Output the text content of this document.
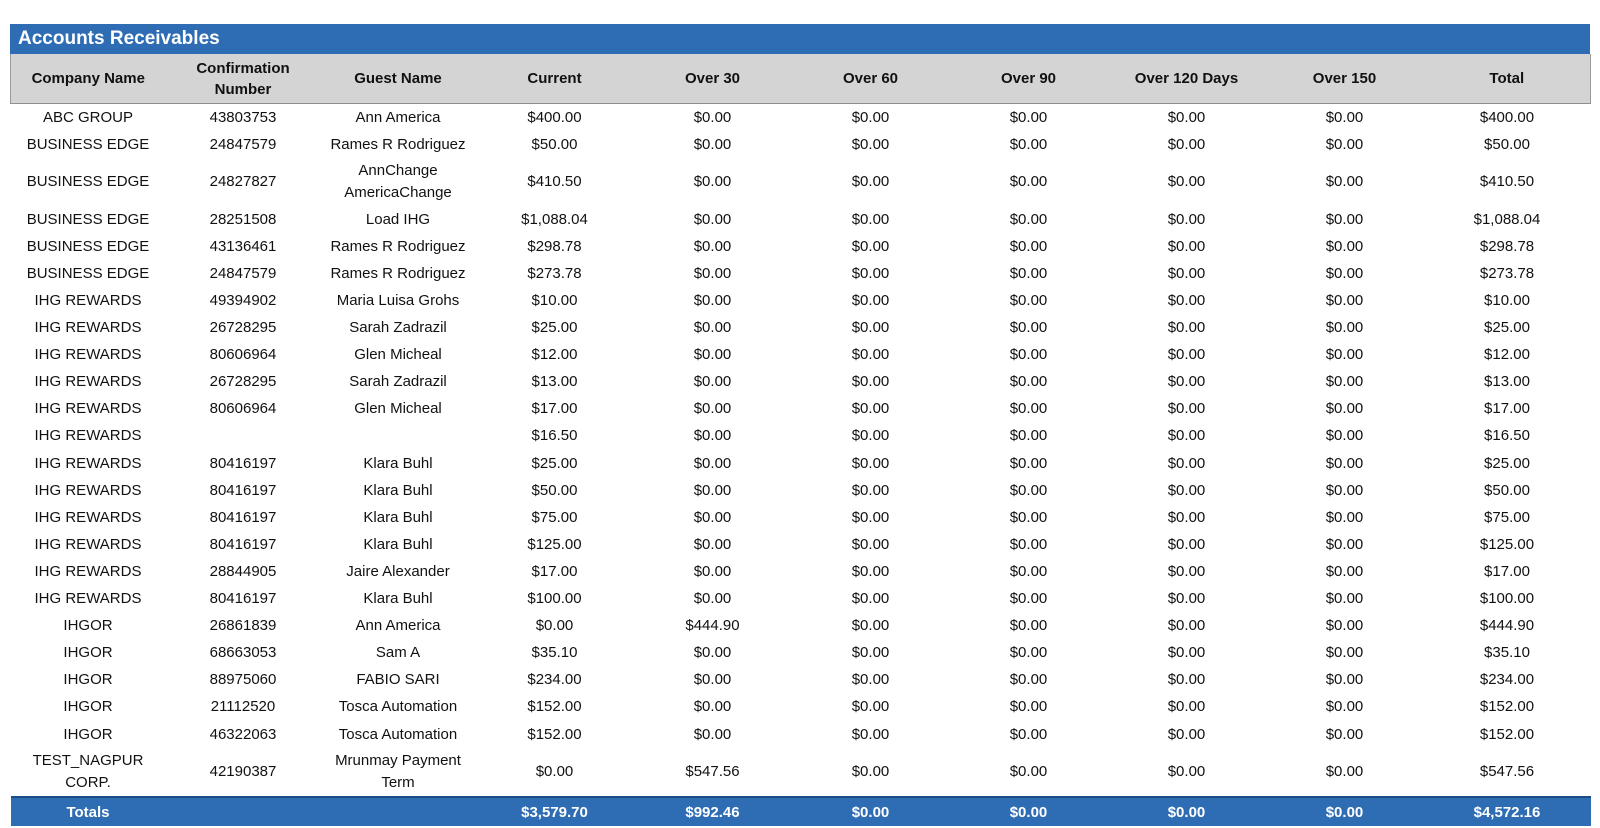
Accounts Receivables
Company Name	Confirmation Number	Guest Name	Current	Over 30	Over 60	Over 90	Over 120 Days	Over 150	Total
ABC GROUP	43803753	Ann America	$400.00	$0.00	$0.00	$0.00	$0.00	$0.00	$400.00
BUSINESS EDGE	24847579	Rames R Rodriguez	$50.00	$0.00	$0.00	$0.00	$0.00	$0.00	$50.00
BUSINESS EDGE	24827827	AnnChange AmericaChange	$410.50	$0.00	$0.00	$0.00	$0.00	$0.00	$410.50
BUSINESS EDGE	28251508	Load IHG	$1,088.04	$0.00	$0.00	$0.00	$0.00	$0.00	$1,088.04
BUSINESS EDGE	43136461	Rames R Rodriguez	$298.78	$0.00	$0.00	$0.00	$0.00	$0.00	$298.78
BUSINESS EDGE	24847579	Rames R Rodriguez	$273.78	$0.00	$0.00	$0.00	$0.00	$0.00	$273.78
IHG REWARDS	49394902	Maria Luisa Grohs	$10.00	$0.00	$0.00	$0.00	$0.00	$0.00	$10.00
IHG REWARDS	26728295	Sarah Zadrazil	$25.00	$0.00	$0.00	$0.00	$0.00	$0.00	$25.00
IHG REWARDS	80606964	Glen Micheal	$12.00	$0.00	$0.00	$0.00	$0.00	$0.00	$12.00
IHG REWARDS	26728295	Sarah Zadrazil	$13.00	$0.00	$0.00	$0.00	$0.00	$0.00	$13.00
IHG REWARDS	80606964	Glen Micheal	$17.00	$0.00	$0.00	$0.00	$0.00	$0.00	$17.00
IHG REWARDS			$16.50	$0.00	$0.00	$0.00	$0.00	$0.00	$16.50
IHG REWARDS	80416197	Klara Buhl	$25.00	$0.00	$0.00	$0.00	$0.00	$0.00	$25.00
IHG REWARDS	80416197	Klara Buhl	$50.00	$0.00	$0.00	$0.00	$0.00	$0.00	$50.00
IHG REWARDS	80416197	Klara Buhl	$75.00	$0.00	$0.00	$0.00	$0.00	$0.00	$75.00
IHG REWARDS	80416197	Klara Buhl	$125.00	$0.00	$0.00	$0.00	$0.00	$0.00	$125.00
IHG REWARDS	28844905	Jaire Alexander	$17.00	$0.00	$0.00	$0.00	$0.00	$0.00	$17.00
IHG REWARDS	80416197	Klara Buhl	$100.00	$0.00	$0.00	$0.00	$0.00	$0.00	$100.00
IHGOR	26861839	Ann America	$0.00	$444.90	$0.00	$0.00	$0.00	$0.00	$444.90
IHGOR	68663053	Sam A	$35.10	$0.00	$0.00	$0.00	$0.00	$0.00	$35.10
IHGOR	88975060	FABIO SARI	$234.00	$0.00	$0.00	$0.00	$0.00	$0.00	$234.00
IHGOR	21112520	Tosca Automation	$152.00	$0.00	$0.00	$0.00	$0.00	$0.00	$152.00
IHGOR	46322063	Tosca Automation	$152.00	$0.00	$0.00	$0.00	$0.00	$0.00	$152.00
TEST_NAGPUR CORP.	42190387	Mrunmay Payment Term	$0.00	$547.56	$0.00	$0.00	$0.00	$0.00	$547.56
Totals			$3,579.70	$992.46	$0.00	$0.00	$0.00	$0.00	$4,572.16
